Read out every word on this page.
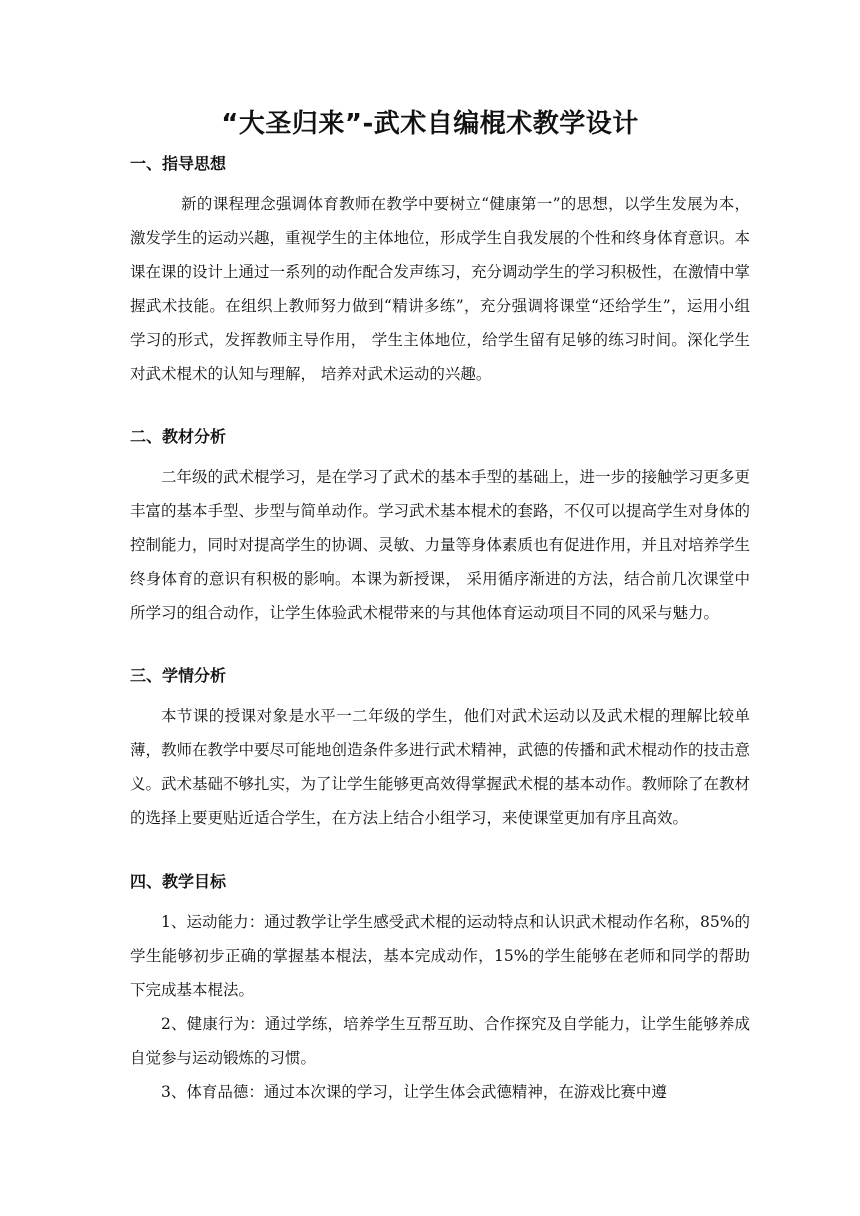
“大圣归来”-武术自编棍术教学设计
一、指导思想

新的课程理念强调体育教师在教学中要树立“健康第一”的思想，以学生发展为本，激发学生的运动兴趣，重视学生的主体地位，形成学生自我发展的个性和终身体育意识。本课在课的设计上通过一系列的动作配合发声练习，充分调动学生的学习积极性，在激情中掌握武术技能。在组织上教师努力做到“精讲多练”，充分强调将课堂“还给学生”，运用小组学习的形式，发挥教师主导作用， 学生主体地位，给学生留有足够的练习时间。深化学生对武术棍术的认知与理解， 培养对武术运动的兴趣。

二、教材分析

二年级的武术棍学习，是在学习了武术的基本手型的基础上，进一步的接触学习更多更丰富的基本手型、步型与简单动作。学习武术基本棍术的套路，不仅可以提高学生对身体的控制能力，同时对提高学生的协调、灵敏、力量等身体素质也有促进作用，并且对培养学生终身体育的意识有积极的影响。本课为新授课， 采用循序渐进的方法，结合前几次课堂中所学习的组合动作，让学生体验武术棍带来的与其他体育运动项目不同的风采与魅力。

三、学情分析

本节课的授课对象是水平一二年级的学生，他们对武术运动以及武术棍的理解比较单薄，教师在教学中要尽可能地创造条件多进行武术精神，武德的传播和武术棍动作的技击意义。武术基础不够扎实，为了让学生能够更高效得掌握武术棍的基本动作。教师除了在教材的选择上要更贴近适合学生，在方法上结合小组学习，来使课堂更加有序且高效。

四、教学目标

1、运动能力：通过教学让学生感受武术棍的运动特点和认识武术棍动作名称，85%的学生能够初步正确的掌握基本棍法，基本完成动作，15%的学生能够在老师和同学的帮助下完成基本棍法。

2、健康行为：通过学练，培养学生互帮互助、合作探究及自学能力，让学生能够养成自觉参与运动锻炼的习惯。

3、体育品德：通过本次课的学习，让学生体会武德精神，在游戏比赛中遵
